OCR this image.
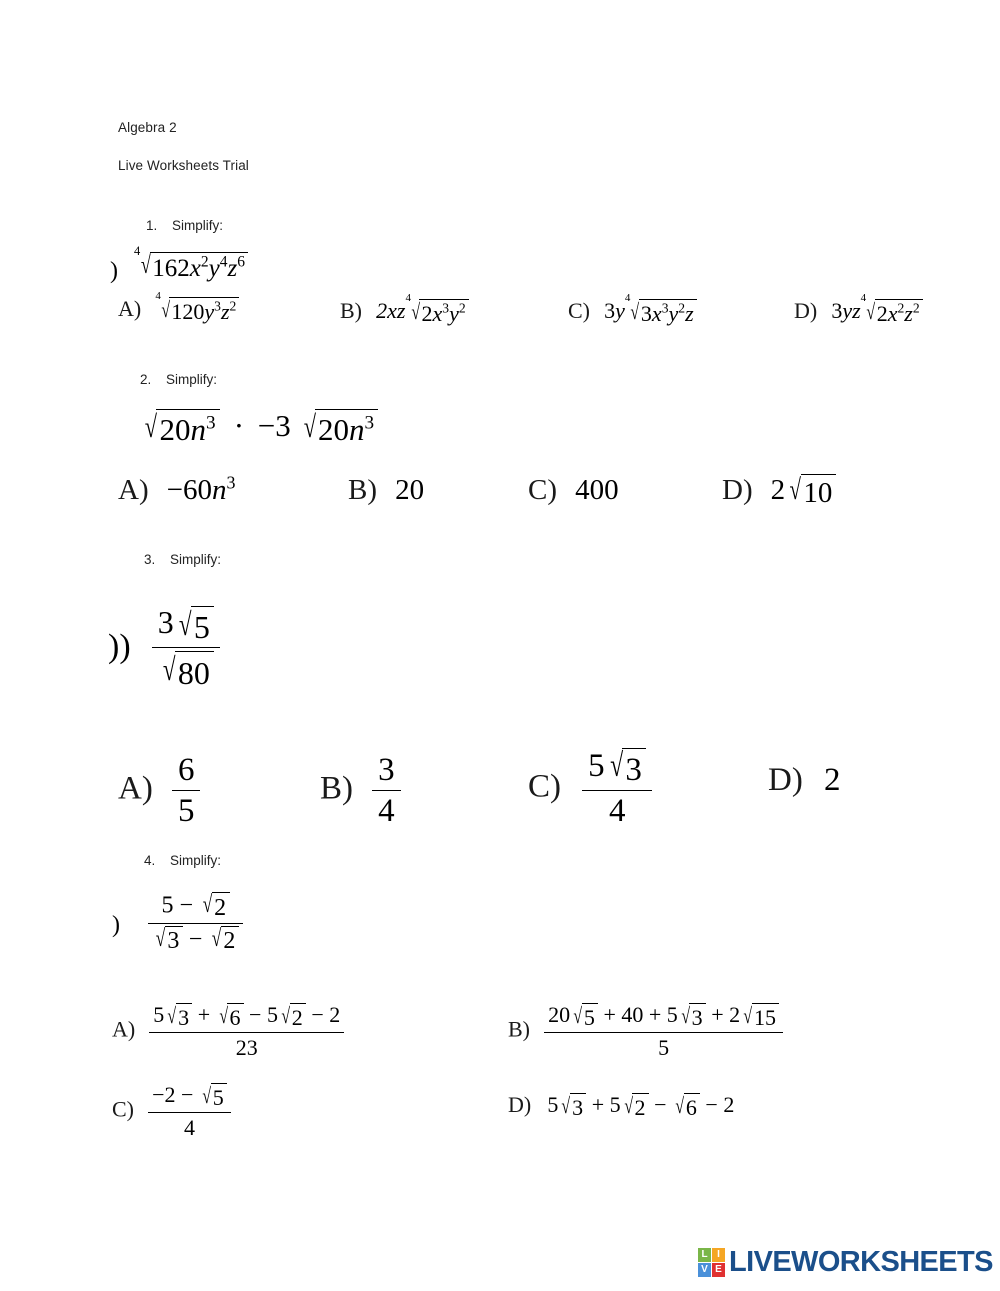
Algebra 2
Live Worksheets Trial
1. Simplify:
)
4
√ $162x^2y^4z^6$
A)
4
√ $120y^3z^2$	B) 2xz
4
√ $2x^3y^2$	C) 3y
4
√ $3x^3y^2z$	D) 3yz
4
√ $2x^2z^2$
2. Simplify:
√ $20n^3 \cdot -3$ √ $20n^3$
$A) -60n^3$	B) 20	C) 400	D) 2 √ 10
3. Simplify:
)) $\frac{3 √ 5}{√ 80}$
$A) \frac{6}{5}$	$B) \frac{3}{4}$	$C) \frac{5 √ 3}{4}$	D) 2
4. Simplify:
) $\frac{5 - √ 2}{√ 3 - √ 2}$
$A) \frac{5 √ 3 + √ 6 - 5 √ 2 - 2}{23}$	$B) \frac{20 √ 5 + 40 + 5 √ 3 + 2 √ 15}{5}$
$C) \frac{-2 - √ 5}{4}$	D) 5 √ 3 + 5 √ 2 − √ 6 − 2
L I
V E LIVEWORKSHEETS
